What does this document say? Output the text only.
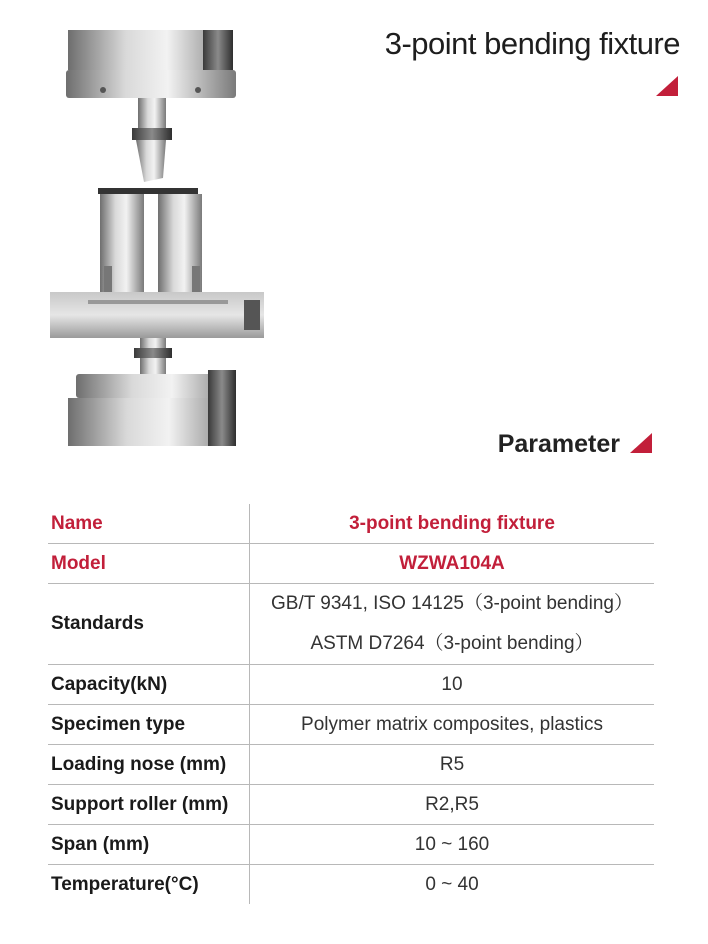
3-point bending fixture
Parameter
Name	3-point bending fixture
Model	WZWA104A
Standards	GB/T 9341, ISO 14125（3-point bending）
ASTM D7264（3-point bending）

Capacity(kN)	10
Specimen type	Polymer matrix composites, plastics
Loading nose (mm)	R5
Support roller (mm)	R2,R5
Span (mm)	10 ~ 160
Temperature(°C)	0 ~ 40
